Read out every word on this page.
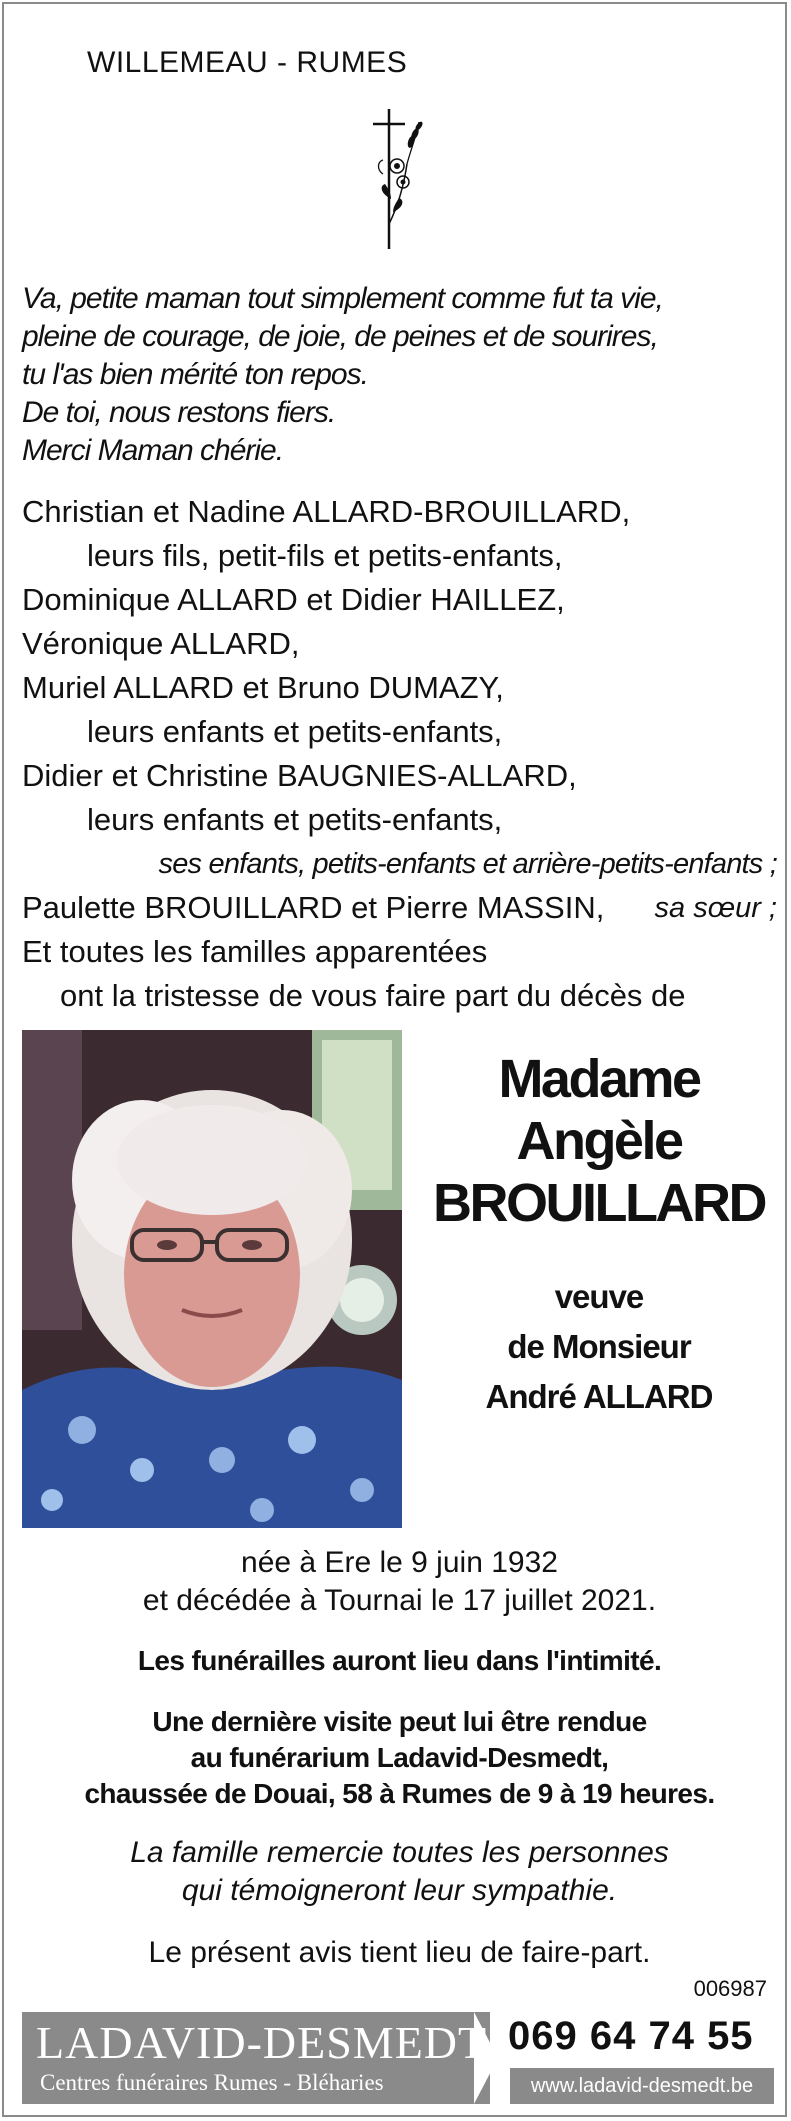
WILLEMEAU - RUMES
Va, petite maman tout simplement comme fut ta vie,
pleine de courage, de joie, de peines et de sourires,
tu l'as bien mérité ton repos.
De toi, nous restons fiers.
Merci Maman chérie.
Christian et Nadine ALLARD-BROUILLARD,
leurs fils, petit-fils et petits-enfants,
Dominique ALLARD et Didier HAILLEZ,
Véronique ALLARD,
Muriel ALLARD et Bruno DUMAZY,
leurs enfants et petits-enfants,
Didier et Christine BAUGNIES-ALLARD,
leurs enfants et petits-enfants,
ses enfants, petits-enfants et arrière-petits-enfants ;
Paulette BROUILLARD et Pierre MASSIN, sa sœur ;
Et toutes les familles apparentées
ont la tristesse de vous faire part du décès de
Madame
Angèle
BROUILLARD
veuve
de Monsieur
André ALLARD
née à Ere le 9 juin 1932
et décédée à Tournai le 17 juillet 2021.
Les funérailles auront lieu dans l'intimité.
Une dernière visite peut lui être rendue
au funérarium Ladavid-Desmedt,
chaussée de Douai, 58 à Rumes de 9 à 19 heures.
La famille remercie toutes les personnes
qui témoigneront leur sympathie.
Le présent avis tient lieu de faire-part.
006987
LADAVID-DESMEDT
Centres funéraires Rumes - Bléharies
069 64 74 55
www.ladavid-desmedt.be
